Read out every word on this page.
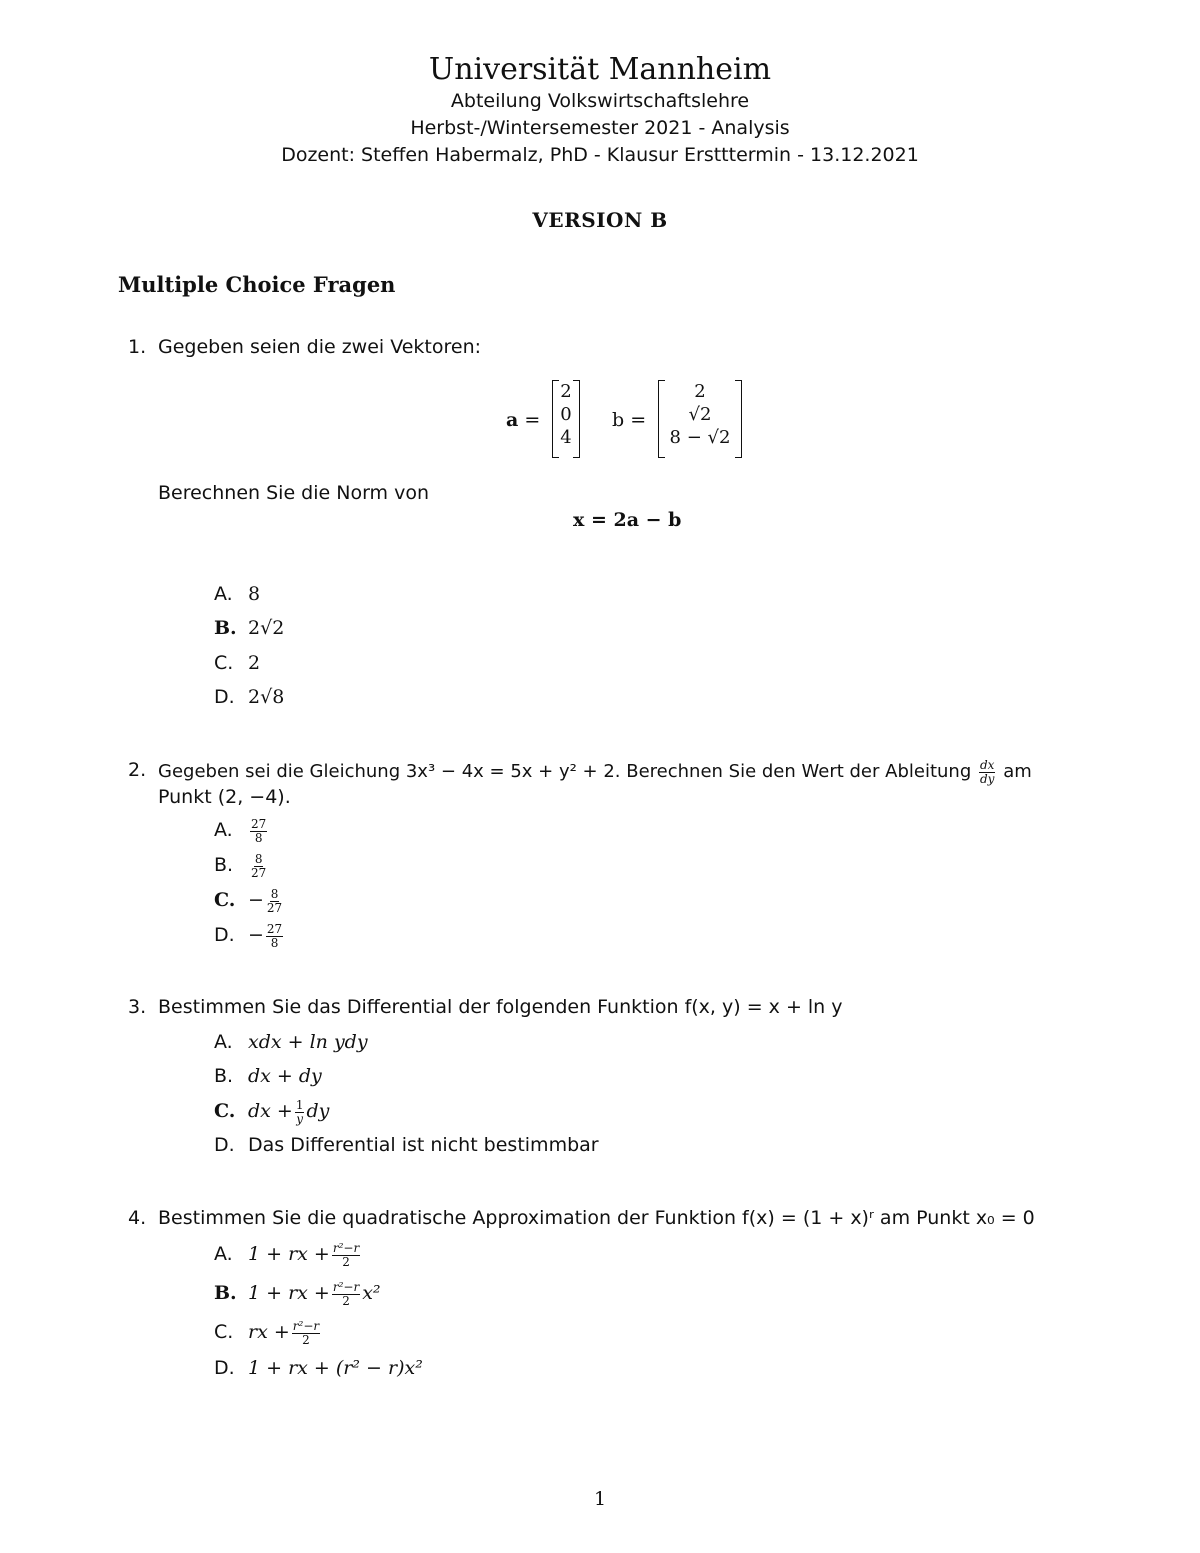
Universität Mannheim
Abteilung Volkswirtschaftslehre
Herbst-/Wintersemester 2021 - Analysis
Dozent: Steffen Habermalz, PhD - Klausur Erstttermin - 13.12.2021
VERSION B
Multiple Choice Fragen
1. Gegeben seien die zwei Vektoren:
a =
2
0
4
b =
2
√2
8 − √2
Berechnen Sie die Norm von
x = 2a − b
A. 8
B. 2√2
C. 2
D. 2√8
2. Gegeben sei die Gleichung 3x³ − 4x = 5x + y² + 2. Berechnen Sie den Wert der Ableitung $\frac{dx}{dy}$ am
Punkt (2, −4).
A. $\frac{27}{8}$
B. $\frac{8}{27}$
C. − $\frac{8}{27}$
D. − $\frac{27}{8}$
3. Bestimmen Sie das Differential der folgenden Funktion f(x, y) = x + ln y
A. xdx + ln ydy
B. dx + dy
C. dx + $\frac{1}{y}$ dy
D. Das Differential ist nicht bestimmbar
4. Bestimmen Sie die quadratische Approximation der Funktion f(x) = (1 + x)ʳ am Punkt x₀ = 0
A. 1 + rx + $\frac{\text{r²−r}}{2}$
B. 1 + rx + $\frac{\text{r²−r}}{2} x^2$
C. rx + $\frac{\text{r²−r}}{2}$
D. 1 + rx + (r² − r)x²
1
